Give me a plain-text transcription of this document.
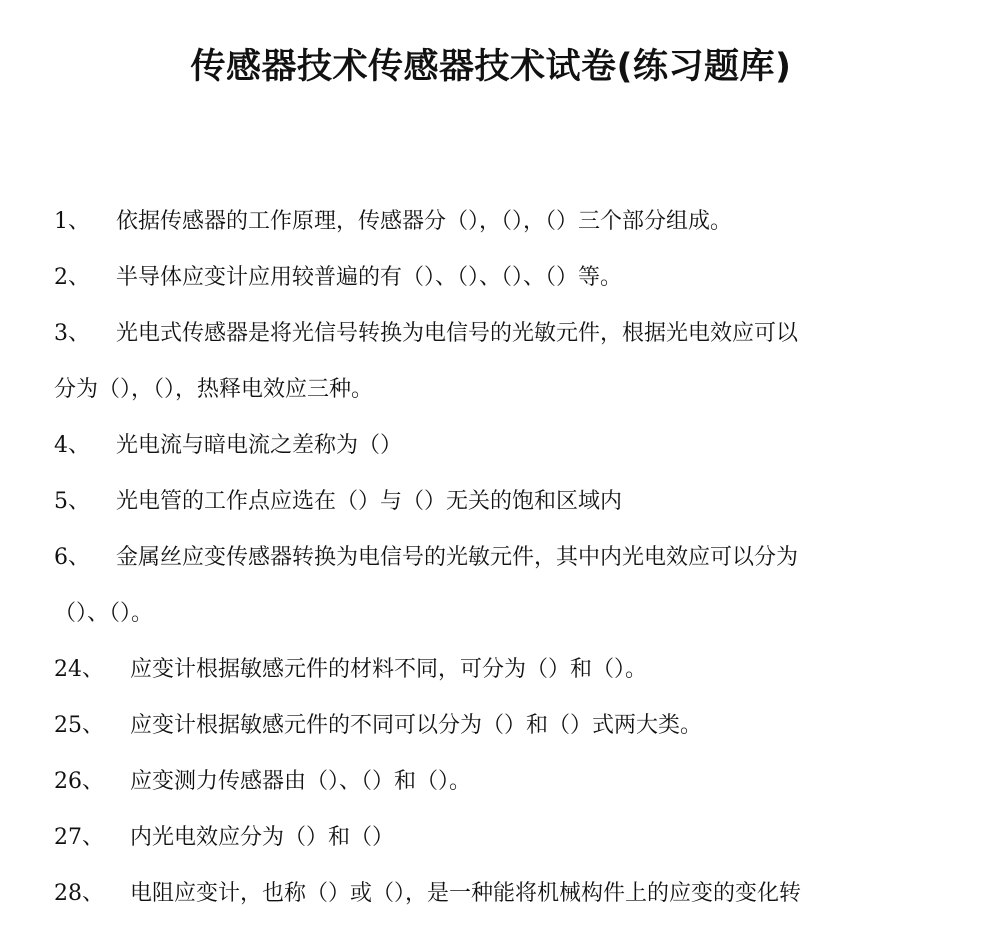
传感器技术传感器技术试卷(练习题库)
1、 依据传感器的工作原理，传感器分（），（），（）三个部分组成。
2、 半导体应变计应用较普遍的有（）、（）、（）、（）等。
3、 光电式传感器是将光信号转换为电信号的光敏元件，根据光电效应可以
分为（），（），热释电效应三种。
4、 光电流与暗电流之差称为（）
5、 光电管的工作点应选在（）与（）无关的饱和区域内
6、 金属丝应变传感器转换为电信号的光敏元件，其中内光电效应可以分为
（）、（）。
24、 应变计根据敏感元件的材料不同，可分为（）和（）。
25、 应变计根据敏感元件的不同可以分为（）和（）式两大类。
26、 应变测力传感器由（）、（）和（）。
27、 内光电效应分为（）和（）
28、 电阻应变计，也称（）或（），是一种能将机械构件上的应变的变化转
